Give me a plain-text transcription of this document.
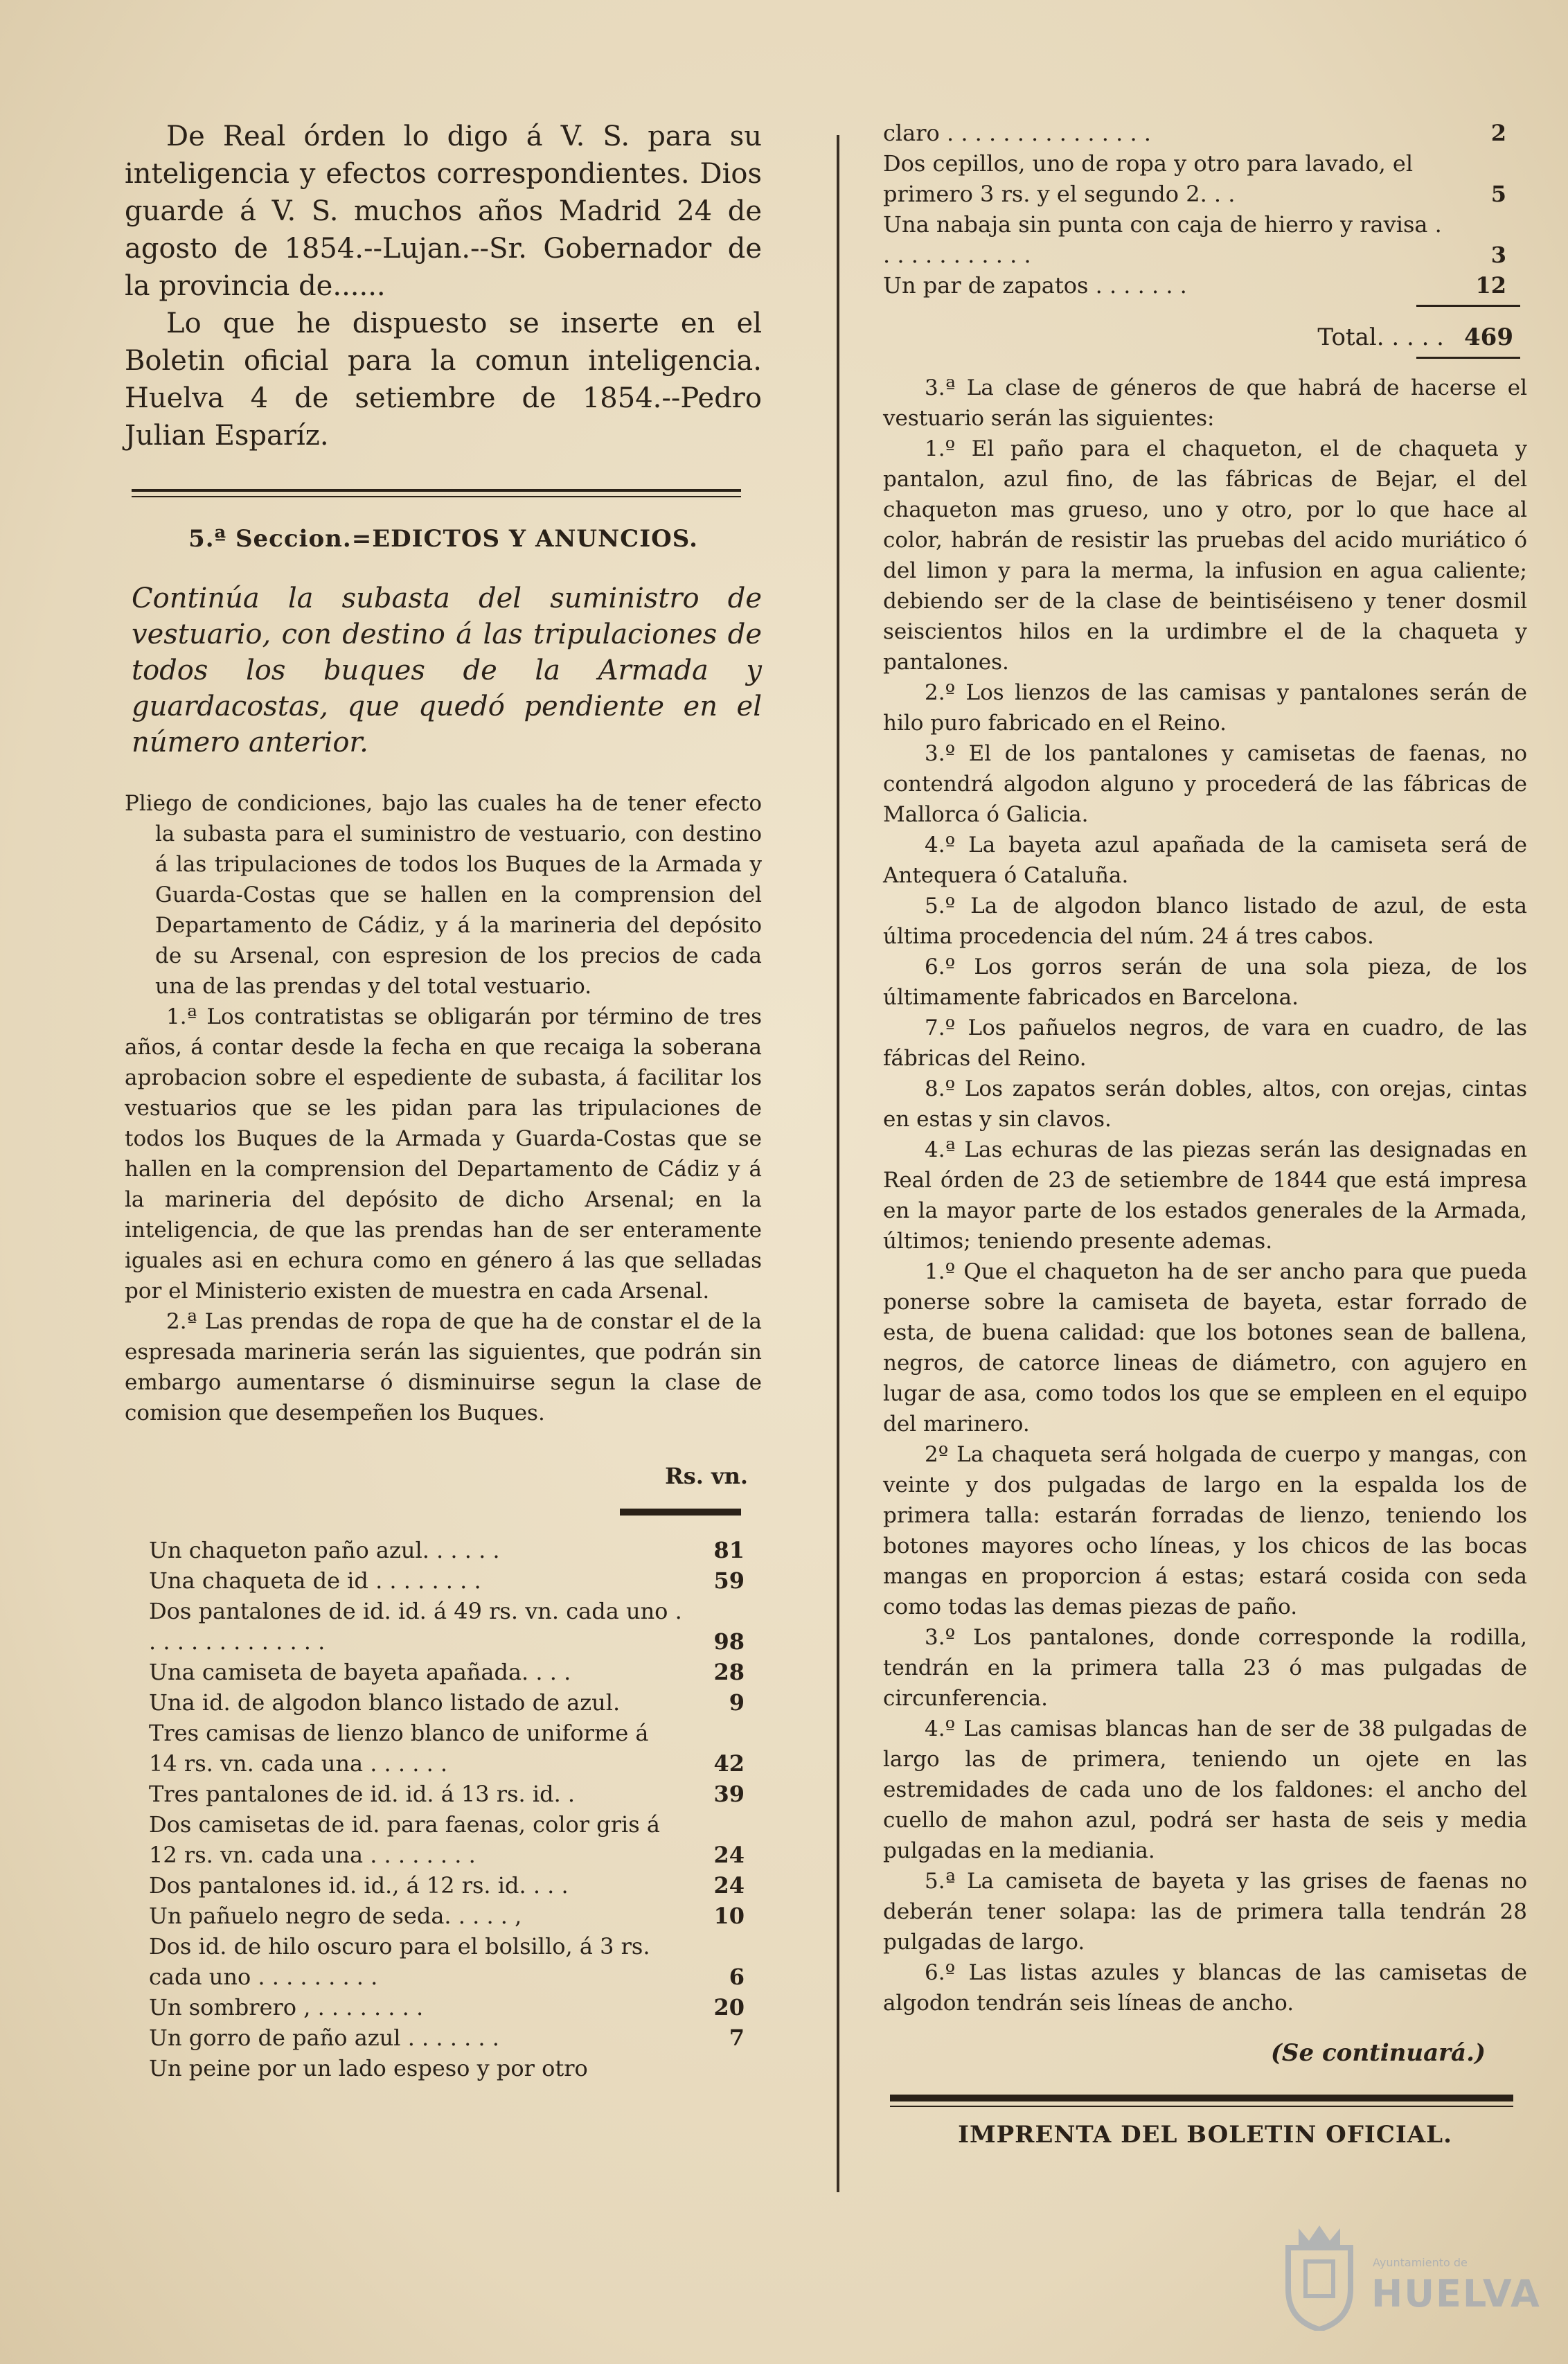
De Real órden lo digo á V. S. para su inteligencia y efectos correspondientes. Dios guarde á V. S. muchos años Madrid 24 de agosto de 1854.--Lujan.--Sr. Gobernador de la provincia de......

Lo que he dispuesto se inserte en el Boletin oficial para la comun inteligencia. Huelva 4 de setiembre de 1854.--Pedro Julian Esparíz.

5.ª Seccion.=EDICTOS Y ANUNCIOS.
Continúa la subasta del suministro de vestuario, con destino á las tripulaciones de todos los buques de la Armada y guardacostas, que quedó pendiente en el número anterior.

Pliego de condiciones, bajo las cuales ha de tener efecto la subasta para el suministro de vestuario, con destino á las tripulaciones de todos los Buques de la Armada y Guarda-Costas que se hallen en la comprension del Departamento de Cádiz, y á la marineria del depósito de su Arsenal, con espresion de los precios de cada una de las prendas y del total vestuario.

1.ª Los contratistas se obligarán por término de tres años, á contar desde la fecha en que recaiga la soberana aprobacion sobre el espediente de subasta, á facilitar los vestuarios que se les pidan para las tripulaciones de todos los Buques de la Armada y Guarda-Costas que se hallen en la comprension del Departamento de Cádiz y á la marineria del depósito de dicho Arsenal; en la inteligencia, de que las prendas han de ser enteramente iguales asi en echura como en género á las que selladas por el Ministerio existen de muestra en cada Arsenal.

2.ª Las prendas de ropa de que ha de constar el de la espresada marineria serán las siguientes, que podrán sin embargo aumentarse ó disminuirse segun la clase de comision que desempeñen los Buques.

Rs. vn.
Un chaqueton paño azul. . . . . .	81
Una chaqueta de id . . . . . . . .	59
Dos pantalones de id. id. á 49 rs. vn. cada uno . . . . . . . . . . . . . .	98
Una camiseta de bayeta apañada. . . .	28
Una id. de algodon blanco listado de azul.	9
Tres camisas de lienzo blanco de uniforme á 14 rs. vn. cada una . . . . . .	42
Tres pantalones de id. id. á 13 rs. id. .	39
Dos camisetas de id. para faenas, color gris á 12 rs. vn. cada una . . . . . . . .	24
Dos pantalones id. id., á 12 rs. id. . . .	24
Un pañuelo negro de seda. . . . . ,	10
Dos id. de hilo oscuro para el bolsillo, á 3 rs. cada uno . . . . . . . . .	6
Un sombrero , . . . . . . . .	20
Un gorro de paño azul . . . . . . .	7
Un peine por un lado espeso y por otro
claro . . . . . . . . . . . . . . .	2
Dos cepillos, uno de ropa y otro para lavado, el primero 3 rs. y el segundo 2. . .	5
Una nabaja sin punta con caja de hierro y ravisa . . . . . . . . . . . .	3
Un par de zapatos . . . . . . .	12
Total. . . . . 469

3.ª La clase de géneros de que habrá de hacerse el vestuario serán las siguientes:

1.º El paño para el chaqueton, el de chaqueta y pantalon, azul fino, de las fábricas de Bejar, el del chaqueton mas grueso, uno y otro, por lo que hace al color, habrán de resistir las pruebas del acido muriático ó del limon y para la merma, la infusion en agua caliente; debiendo ser de la clase de beintiséiseno y tener dosmil seiscientos hilos en la urdimbre el de la chaqueta y pantalones.

2.º Los lienzos de las camisas y pantalones serán de hilo puro fabricado en el Reino.

3.º El de los pantalones y camisetas de faenas, no contendrá algodon alguno y procederá de las fábricas de Mallorca ó Galicia.

4.º La bayeta azul apañada de la camiseta será de Antequera ó Cataluña.

5.º La de algodon blanco listado de azul, de esta última procedencia del núm. 24 á tres cabos.

6.º Los gorros serán de una sola pieza, de los últimamente fabricados en Barcelona.

7.º Los pañuelos negros, de vara en cuadro, de las fábricas del Reino.

8.º Los zapatos serán dobles, altos, con orejas, cintas en estas y sin clavos.

4.ª Las echuras de las piezas serán las designadas en Real órden de 23 de setiembre de 1844 que está impresa en la mayor parte de los estados generales de la Armada, últimos; teniendo presente ademas.

1.º Que el chaqueton ha de ser ancho para que pueda ponerse sobre la camiseta de bayeta, estar forrado de esta, de buena calidad: que los botones sean de ballena, negros, de catorce lineas de diámetro, con agujero en lugar de asa, como todos los que se empleen en el equipo del marinero.

2º La chaqueta será holgada de cuerpo y mangas, con veinte y dos pulgadas de largo en la espalda los de primera talla: estarán forradas de lienzo, teniendo los botones mayores ocho líneas, y los chicos de las bocas mangas en proporcion á estas; estará cosida con seda como todas las demas piezas de paño.

3.º Los pantalones, donde corresponde la rodilla, tendrán en la primera talla 23 ó mas pulgadas de circunferencia.

4.º Las camisas blancas han de ser de 38 pulgadas de largo las de primera, teniendo un ojete en las estremidades de cada uno de los faldones: el ancho del cuello de mahon azul, podrá ser hasta de seis y media pulgadas en la mediania.

5.ª La camiseta de bayeta y las grises de faenas no deberán tener solapa: las de primera talla tendrán 28 pulgadas de largo.

6.º Las listas azules y blancas de las camisetas de algodon tendrán seis líneas de ancho.

(Se continuará.)
IMPRENTA DEL BOLETIN OFICIAL.
Ayuntamiento de
HUELVA
